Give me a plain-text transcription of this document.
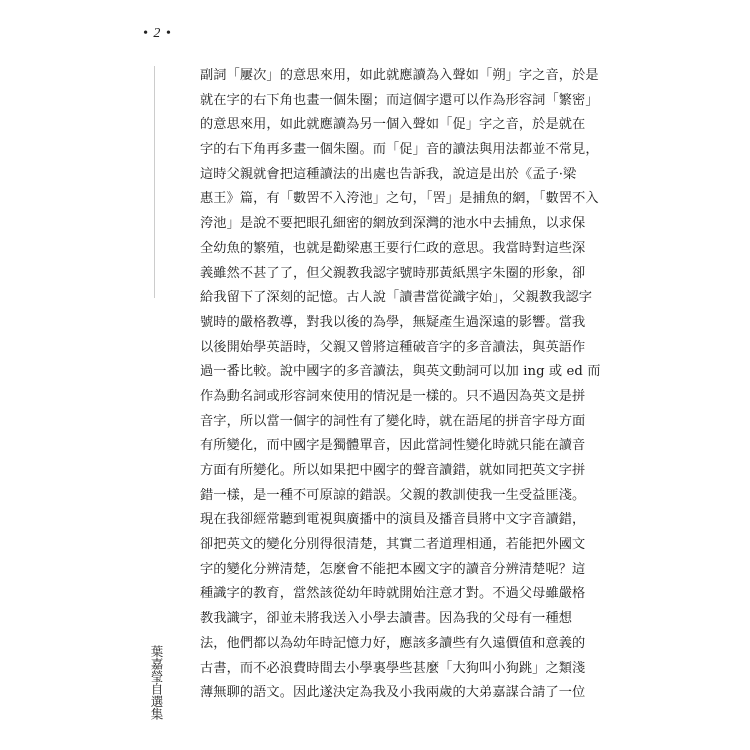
• 2 •
副詞「屢次」的意思來用，如此就應讀為入聲如「朔」字之音，於是
就在字的右下角也畫一個朱圈；而這個字還可以作為形容詞「繁密」
的意思來用，如此就應讀為另一個入聲如「促」字之音，於是就在
字的右下角再多畫一個朱圈。而「促」音的讀法與用法都並不常見，
這時父親就會把這種讀法的出處也告訴我，說這是出於《孟子·梁
惠王》篇，有「數罟不入洿池」之句，「罟」是捕魚的網，「數罟不入
洿池」是說不要把眼孔細密的網放到深灣的池水中去捕魚，以求保
全幼魚的繁殖，也就是勸梁惠王要行仁政的意思。我當時對這些深
義雖然不甚了了，但父親教我認字號時那黃紙黑字朱圈的形象，卻
給我留下了深刻的記憶。古人說「讀書當從識字始」，父親教我認字
號時的嚴格教導，對我以後的為學，無疑產生過深遠的影響。當我
以後開始學英語時，父親又曾將這種破音字的多音讀法，與英語作
過一番比較。說中國字的多音讀法，與英文動詞可以加 ing 或 ed 而
作為動名詞或形容詞來使用的情況是一樣的。只不過因為英文是拼
音字，所以當一個字的詞性有了變化時，就在語尾的拼音字母方面
有所變化，而中國字是獨體單音，因此當詞性變化時就只能在讀音
方面有所變化。所以如果把中國字的聲音讀錯，就如同把英文字拼
錯一樣，是一種不可原諒的錯誤。父親的教訓使我一生受益匪淺。
現在我卻經常聽到電視與廣播中的演員及播音員將中文字音讀錯，
卻把英文的變化分別得很清楚，其實二者道理相通，若能把外國文
字的變化分辨清楚，怎麼會不能把本國文字的讀音分辨清楚呢？這
種識字的教育，當然該從幼年時就開始注意才對。不過父母雖嚴格
教我識字，卻並未將我送入小學去讀書。因為我的父母有一種想
法，他們都以為幼年時記憶力好，應該多讀些有久遠價值和意義的
古書，而不必浪費時間去小學裏學些甚麼「大狗叫小狗跳」之類淺
薄無聊的語文。因此遂決定為我及小我兩歲的大弟嘉謀合請了一位
葉嘉瑩自選集
